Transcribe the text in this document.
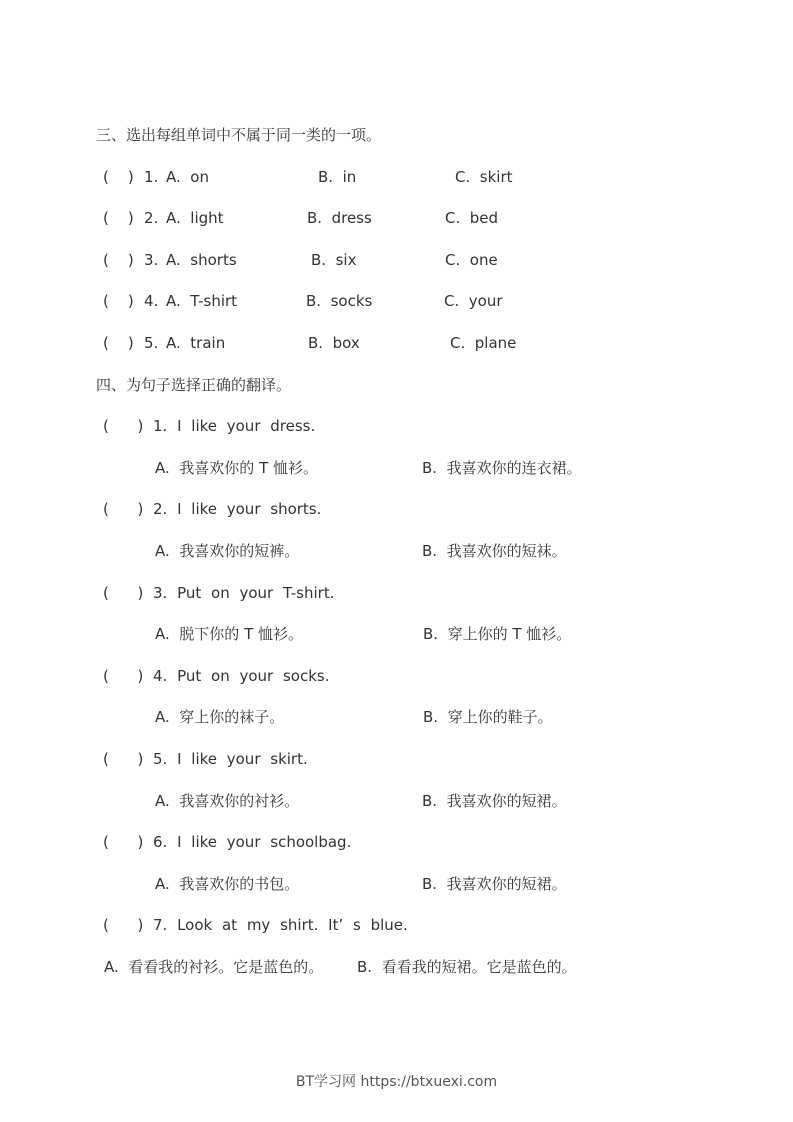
三、选出每组单词中不属于同一类的一项。
(    ) 1. A.  on	B.  in	C.  skirt
(    ) 2. A.  light	B.  dress	C.  bed
(    ) 3. A.  shorts	B.  six	C.  one
(    ) 4. A.  T-shirt	B.  socks	C.  your
(    ) 5. A.  train	B.  box	C.  plane
四、为句子选择正确的翻译。
(      ) 1. I like your dress.
A.  我喜欢你的 T 恤衫。	B.  我喜欢你的连衣裙。
(      ) 2. I like your shorts.
A.  我喜欢你的短裤。	B.  我喜欢你的短袜。
(      ) 3. Put on your T-shirt.
A.  脱下你的 T 恤衫。	B.  穿上你的 T 恤衫。
(      ) 4. Put on your socks.
A.  穿上你的袜子。	B.  穿上你的鞋子。
(      ) 5. I like your skirt.
A.  我喜欢你的衬衫。	B.  我喜欢你的短裙。
(      ) 6. I like your schoolbag.
A.  我喜欢你的书包。	B.  我喜欢你的短裙。
(      ) 7. Look at my shirt. It’ s blue.
A.  看看我的衬衫。它是蓝色的。 B.  看看我的短裙。它是蓝色的。
BT学习网 https://btxuexi.com
